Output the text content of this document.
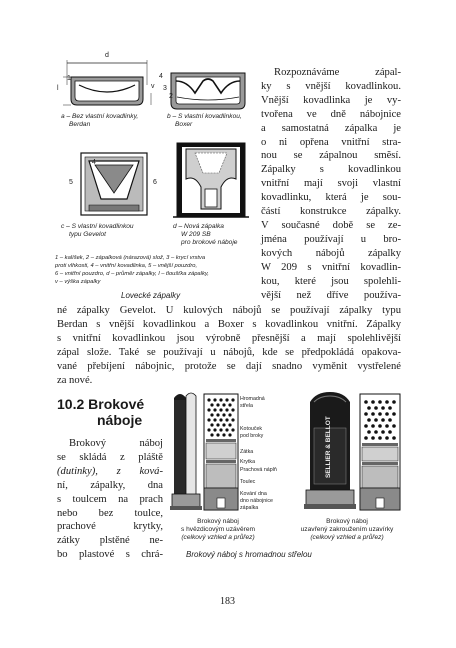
d
v
l
1
a – Bez vlastní kovadlinky,
Berdan
4
3
2
b – S vlastní kovadlinkou,
Boxer
4
5	6
c – S vlastní kovadlinkou
typu Gevelot
d – Nová zápalka
W 209 SB
pro brokové náboje
1 – kalíšek, 2 – zápalková (nárazová) slož, 3 – krycí vrstva
proti vlhkosti, 4 – vnitřní kovadlinka, 5 – vnější pouzdro,
6 – vnitřní pouzdro, d – průměr zápalky, l – tloušťka zápalky,
v – výška zápalky
Lovecké zápalky
Rozpoznáváme zápal-
ky s vnější kovadlinkou.
Vnější kovadlinka je vy-
tvořena ve dně nábojnice
a samostatná zápalka je
o ni opřena vnitřní stra-
nou se zápalnou smĕsí.
Zápalky s kovadlinkou
vnitřní mají svoji vlastní
kovadlinku, která je sou-
částí konstrukce zápalky.
V současné době se ze-
jména používají u bro-
kových nábojů zápalky
W 209 s vnitřní kovadlin-
kou, které jsou spolehli-
vější než dříve používa-
né zápalky Gevelot. U kulových nábojů se používají zápalky typu
Berdan s vnější kovadlinkou a Boxer s kovadlinkou vnitřní. Zápalky
s vnitřní kovadlinkou jsou výrobně přesnější a mají spolehlivější
zápal slože. Také se používají u nábojů, kde se předpokládá opakova-
vané přebíjení nábojnic, protože se dají snadno vyměnit vystřelené
za nové.
10.2 Brokové
náboje
Brokový náboj
se skládá z pláště
(dutinky), z ková-
ní, zápalky, dna
s toulcem na prach
nebo bez toulce,
prachové krytky,
zátky plstěné ne-
bo plastové s chrá-
Hromadná
střela
Kotouček
pod broky
Zátka
Krytka
Prachová náplň
Toulec
Kování dna
dno nábojnice
zápalka
SELLIER & BELLOT
Brokový náboj
s hvězdicovým uzávěrem
(celkový vzhled a průřez)
Brokový náboj
uzavřený zakroužením uzavírky
(celkový vzhled a průřez)
Brokový náboj s hromadnou střelou
183
